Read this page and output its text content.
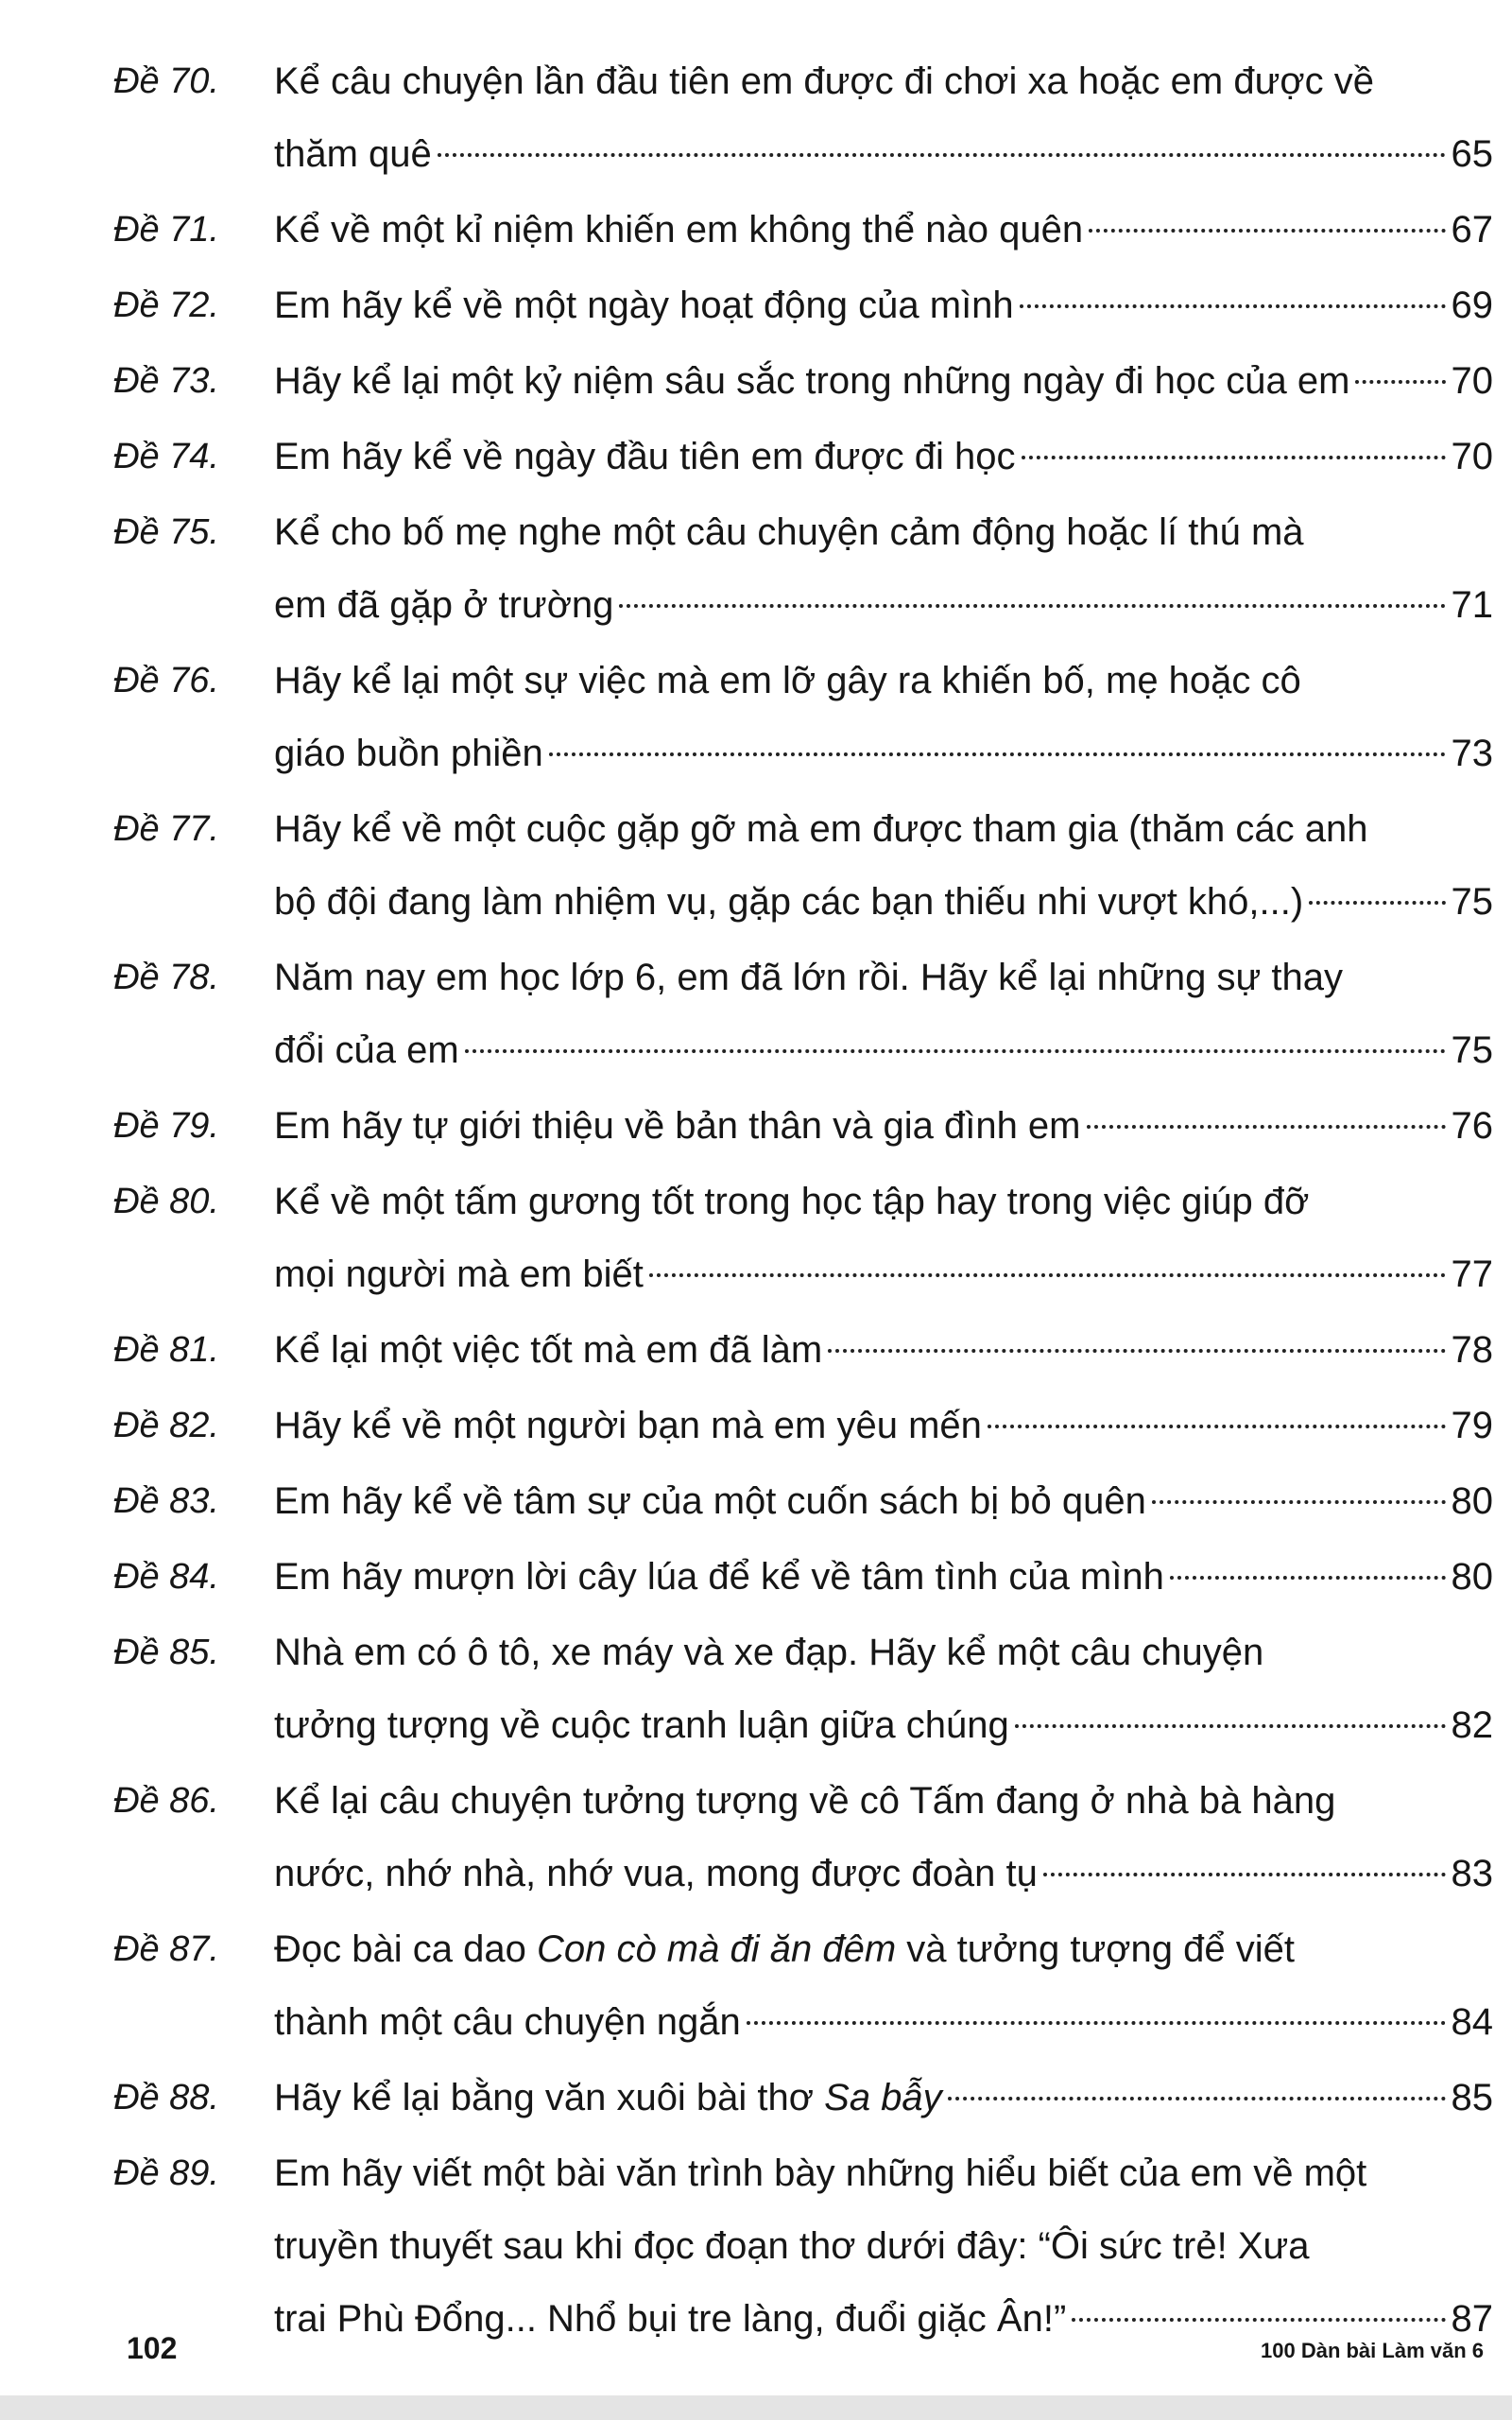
Đề 70.	Kể câu chuyện lần đầu tiên em được đi chơi xa hoặc em được về
thăm quê	65
Đề 71.	Kể về một kỉ niệm khiến em không thể nào quên	67
Đề 72.	Em hãy kể về một ngày hoạt động của mình	69
Đề 73.	Hãy kể lại một kỷ niệm sâu sắc trong những ngày đi học của em	70
Đề 74.	Em hãy kể về ngày đầu tiên em được đi học	70
Đề 75.	Kể cho bố mẹ nghe một câu chuyện cảm động hoặc lí thú mà
em đã gặp ở trường	71
Đề 76.	Hãy kể lại một sự việc mà em lỡ gây ra khiến bố, mẹ hoặc cô
giáo buồn phiền	73
Đề 77.	Hãy kể về một cuộc gặp gỡ mà em được tham gia (thăm các anh
bộ đội đang làm nhiệm vụ, gặp các bạn thiếu nhi vượt khó,...)	75
Đề 78.	Năm nay em học lớp 6, em đã lớn rồi. Hãy kể lại những sự thay
đổi của em	75
Đề 79.	Em hãy tự giới thiệu về bản thân và gia đình em	76
Đề 80.	Kể về một tấm gương tốt trong học tập hay trong việc giúp đỡ
mọi người mà em biết	77
Đề 81.	Kể lại một việc tốt mà em đã làm	78
Đề 82.	Hãy kể về một người bạn mà em yêu mến	79
Đề 83.	Em hãy kể về tâm sự của một cuốn sách bị bỏ quên	80
Đề 84.	Em hãy mượn lời cây lúa để kể về tâm tình của mình	80
Đề 85.	Nhà em có ô tô, xe máy và xe đạp. Hãy kể một câu chuyện
tưởng tượng về cuộc tranh luận giữa chúng	82
Đề 86.	Kể lại câu chuyện tưởng tượng về cô Tấm đang ở nhà bà hàng
nước, nhớ nhà, nhớ vua, mong được đoàn tụ	83
Đề 87.	Đọc bài ca dao Con cò mà đi ăn đêm và tưởng tượng để viết
thành một câu chuyện ngắn	84
Đề 88.	Hãy kể lại bằng văn xuôi bài thơ Sa bẫy	85
Đề 89.	Em hãy viết một bài văn trình bày những hiểu biết của em về một
truyền thuyết sau khi đọc đoạn thơ dưới đây: “Ôi sức trẻ! Xưa
trai Phù Đổng... Nhổ bụi tre làng, đuổi giặc Ân!”	87
102	100 Dàn bài Làm văn 6
